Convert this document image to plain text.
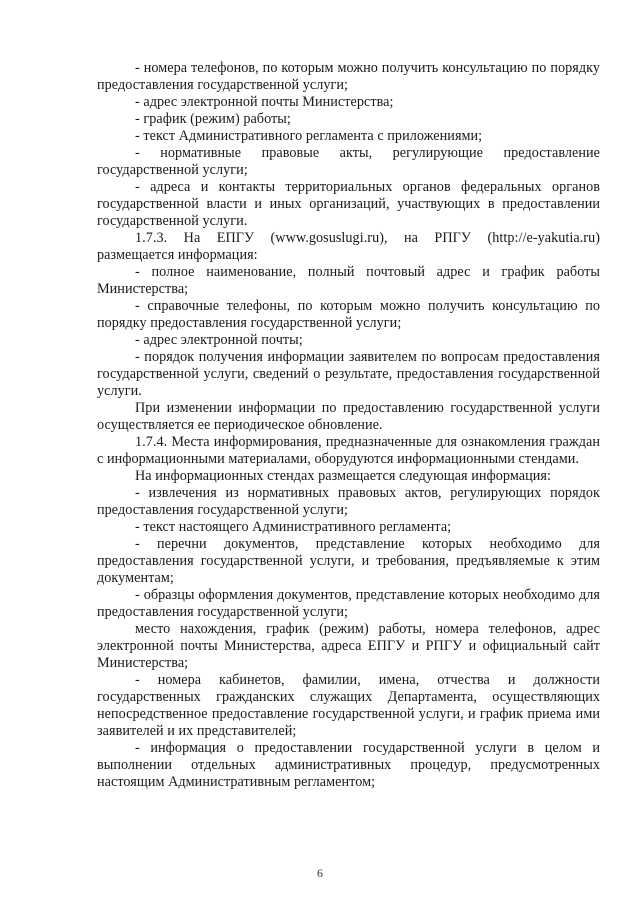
- номера телефонов, по которым можно получить консультацию по порядку предоставления государственной услуги;

- адрес электронной почты Министерства;

- график (режим) работы;

- текст Административного регламента с приложениями;

- нормативные правовые акты, регулирующие предоставление государственной услуги;

- адреса и контакты территориальных органов федеральных органов государственной власти и иных организаций, участвующих в предоставлении государственной услуги.

1.7.3. На ЕПГУ (www.gosuslugi.ru), на РПГУ (http://e-yakutia.ru) размещается информация:

- полное наименование, полный почтовый адрес и график работы Министерства;

- справочные телефоны, по которым можно получить консультацию по порядку предоставления государственной услуги;

- адрес электронной почты;

- порядок получения информации заявителем по вопросам предоставления государственной услуги, сведений о результате, предоставления государственной услуги.

При изменении информации по предоставлению государственной услуги осуществляется ее периодическое обновление.

1.7.4. Места информирования, предназначенные для ознакомления граждан с информационными материалами, оборудуются информационными стендами.

На информационных стендах размещается следующая информация:

- извлечения из нормативных правовых актов, регулирующих порядок предоставления государственной услуги;

- текст настоящего Административного регламента;

- перечни документов, представление которых необходимо для предоставления государственной услуги, и требования, предъявляемые к этим документам;

- образцы оформления документов, представление которых необходимо для предоставления государственной услуги;

место нахождения, график (режим) работы, номера телефонов, адрес электронной почты Министерства, адреса ЕПГУ и РПГУ и официальный сайт Министерства;

- номера кабинетов, фамилии, имена, отчества и должности государственных гражданских служащих Департамента, осуществляющих непосредственное предоставление государственной услуги, и график приема ими заявителей и их представителей;

- информация о предоставлении государственной услуги в целом и выполнении отдельных административных процедур, предусмотренных настоящим Административным регламентом;

6
